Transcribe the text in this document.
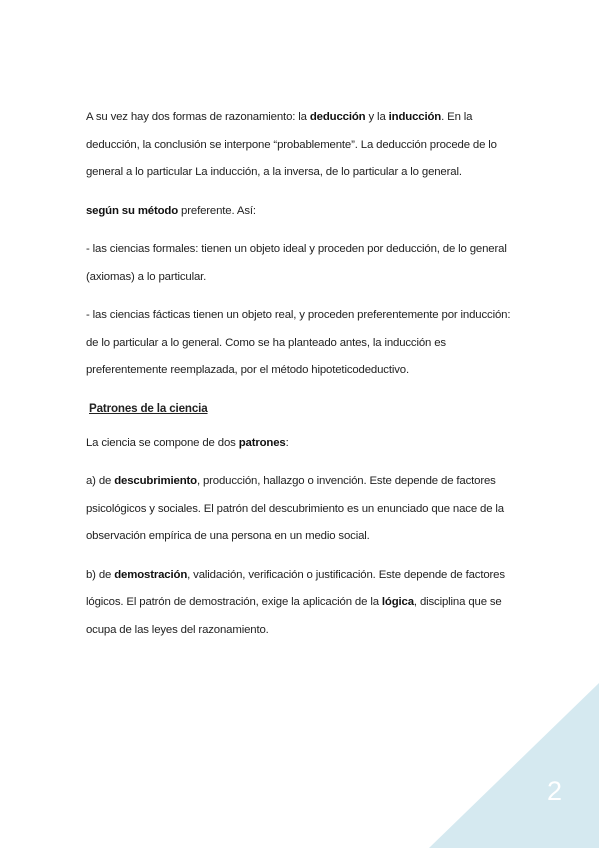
A su vez hay dos formas de razonamiento: la deducción y la inducción. En la deducción, la conclusión se interpone “probablemente”. La deducción procede de lo general a lo particular La inducción, a la inversa, de lo particular a lo general.

según su método preferente. Así:

- las ciencias formales: tienen un objeto ideal y proceden por deducción, de lo general (axiomas) a lo particular.

- las ciencias fácticas tienen un objeto real, y proceden preferentemente por inducción: de lo particular a lo general. Como se ha planteado antes, la inducción es preferentemente reemplazada, por el método hipoteticodeductivo.

Patrones de la ciencia

La ciencia se compone de dos patrones:

a) de descubrimiento, producción, hallazgo o invención. Este depende de factores psicológicos y sociales. El patrón del descubrimiento es un enunciado que nace de la observación empírica de una persona en un medio social.

b) de demostración, validación, verificación o justificación. Este depende de factores lógicos. El patrón de demostración, exige la aplicación de la lógica, disciplina que se ocupa de las leyes del razonamiento.

2
